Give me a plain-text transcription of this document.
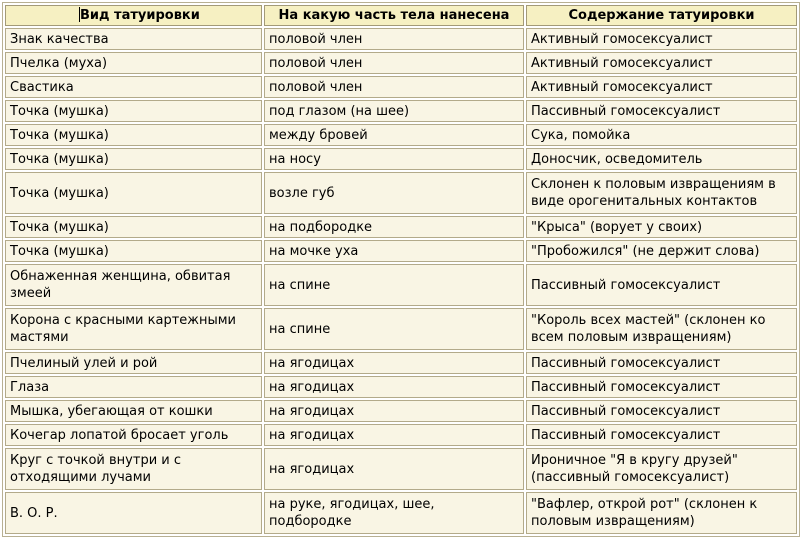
Вид татуировки	На какую часть тела нанесена	Содержание татуировки
Знак качества	половой член	Активный гомосексуалист
Пчелка (муха)	половой член	Активный гомосексуалист
Свастика	половой член	Активный гомосексуалист
Точка (мушка)	под глазом (на шее)	Пассивный гомосексуалист
Точка (мушка)	между бровей	Сука, помойка
Точка (мушка)	на носу	Доносчик, осведомитель
Точка (мушка)	возле губ	Склонен к половым извращениям в виде орогенитальных контактов
Точка (мушка)	на подбородке	"Крыса" (ворует у своих)
Точка (мушка)	на мочке уха	"Пробожился" (не держит слова)
Обнаженная женщина, обвитая змеей	на спине	Пассивный гомосексуалист
Корона с красными картежными мастями	на спине	"Король всех мастей" (склонен ко всем половым извращениям)
Пчелиный улей и рой	на ягодицах	Пассивный гомосексуалист
Глаза	на ягодицах	Пассивный гомосексуалист
Мышка, убегающая от кошки	на ягодицах	Пассивный гомосексуалист
Кочегар лопатой бросает уголь	на ягодицах	Пассивный гомосексуалист
Круг с точкой внутри и с отходящими лучами	на ягодицах	Ироничное "Я в кругу друзей" (пассивный гомосексуалист)
В. О. Р.	на руке, ягодицах, шее, подбородке	"Вафлер, открой рот" (склонен к половым извращениям)
